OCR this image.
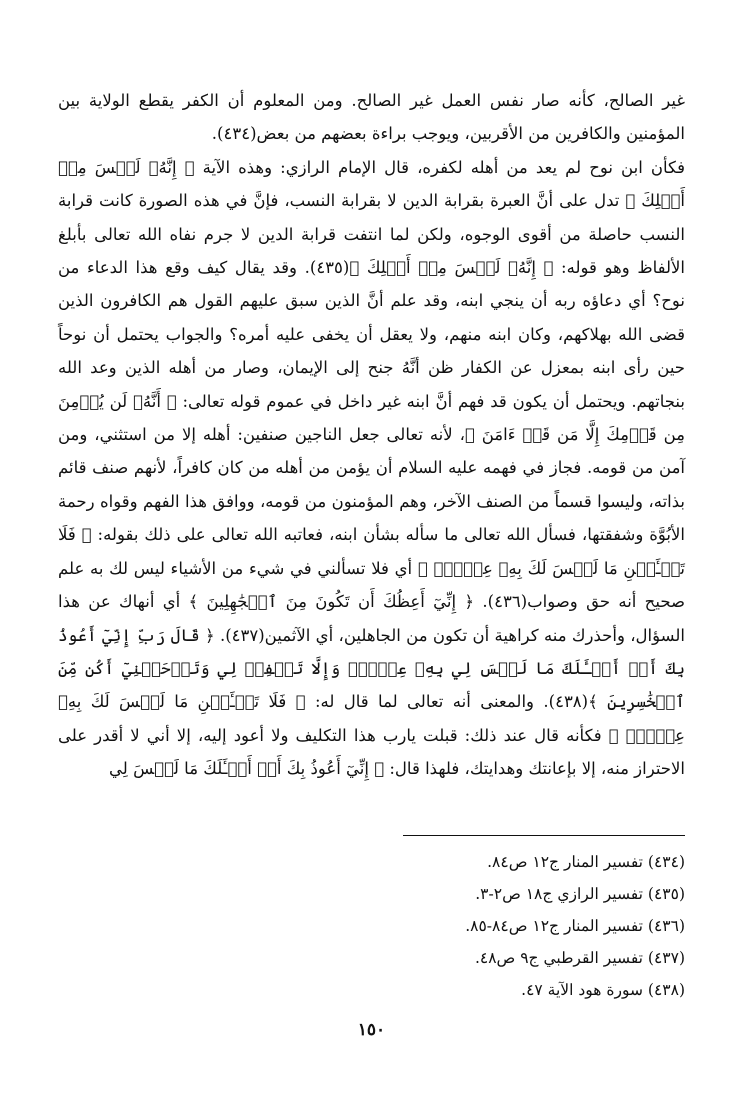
غير الصالح، كأنه صار نفس العمل غير الصالح. ومن المعلوم أن الكفر يقطع الولاية بين المؤمنين والكافرين من الأقربين، ويوجب براءة بعضهم من بعض(٤٣٤).

فكأن ابن نوح لم يعد من أهله لكفره، قال الإمام الرازي: وهذه الآية ﴿ إِنَّهُۥ لَيۡسَ مِنۡ أَهۡلِكَ ﴾ تدل على أنَّ العبرة بقرابة الدين لا بقرابة النسب، فإنَّ في هذه الصورة كانت قرابة النسب حاصلة من أقوى الوجوه، ولكن لما انتفت قرابة الدين لا جرم نفاه الله تعالى بأبلغ الألفاظ وهو قوله: ﴿ إِنَّهُۥ لَيۡسَ مِنۡ أَهۡلِكَ ﴾(٤٣٥). وقد يقال كيف وقع هذا الدعاء من نوح؟ أي دعاؤه ربه أن ينجي ابنه، وقد علم أنَّ الذين سبق عليهم القول هم الكافرون الذين قضى الله بهلاكهم، وكان ابنه منهم، ولا يعقل أن يخفى عليه أمره؟ والجواب يحتمل أن نوحاً حين رأى ابنه بمعزل عن الكفار ظن أنَّهُ جنح إلى الإيمان، وصار من أهله الذين وعد الله بنجاتهم. ويحتمل أن يكون قد فهم أنَّ ابنه غير داخل في عموم قوله تعالى: ﴿ أَنَّهُۥ لَن يُؤۡمِنَ مِن قَوۡمِكَ إِلَّا مَن قَدۡ ءَامَنَ ﴾، لأنه تعالى جعل الناجين صنفين: أهله إلا من استثني، ومن آمن من قومه. فجاز في فهمه عليه السلام أن يؤمن من أهله من كان كافراً، لأنهم صنف قائم بذاته، وليسوا قسماً من الصنف الآخر، وهم المؤمنون من قومه، ووافق هذا الفهم وقواه رحمة الأبُوَّة وشفقتها، فسأل الله تعالى ما سأله بشأن ابنه، فعاتبه الله تعالى على ذلك بقوله: ﴿ فَلَا تَسۡـَٔلۡنِ مَا لَيۡسَ لَكَ بِهِۦ عِلۡمٌۖ ﴾ أي فلا تسألني في شيء من الأشياء ليس لك به علم صحيح أنه حق وصواب(٤٣٦). ﴿ إِنِّيٓ أَعِظُكَ أَن تَكُونَ مِنَ ٱلۡجَٰهِلِينَ ﴾ أي أنهاك عن هذا السؤال، وأحذرك منه كراهية أن تكون من الجاهلين، أي الآثمين(٤٣٧). ﴿ قَالَ رَبِّ إِنِّيٓ أَعُوذُ بِكَ أَنۡ أَسۡـَٔلَكَ مَا لَيۡسَ لِي بِهِۦ عِلۡمٌۖ وَإِلَّا تَغۡفِرۡ لِي وَتَرۡحَمۡنِيٓ أَكُن مِّنَ ٱلۡخَٰسِرِينَ ﴾(٤٣٨). والمعنى أنه تعالى لما قال له: ﴿ فَلَا تَسۡـَٔلۡنِ مَا لَيۡسَ لَكَ بِهِۦ عِلۡمٌۖ ﴾ فكأنه قال عند ذلك: قبلت يارب هذا التكليف ولا أعود إليه، إلا أني لا أقدر على الاحتراز منه، إلا بإعانتك وهدايتك، فلهذا قال: ﴿ إِنِّيٓ أَعُوذُ بِكَ أَنۡ أَسۡـَٔلَكَ مَا لَيۡسَ لِي

(٤٣٤) تفسير المنار ج١٢ ص٨٤.
(٤٣٥) تفسير الرازي ج١٨ ص٢-٣.
(٤٣٦) تفسير المنار ج١٢ ص٨٤-٨٥.
(٤٣٧) تفسير القرطبي ج٩ ص٤٨.
(٤٣٨) سورة هود الآية ٤٧.
١٥٠
